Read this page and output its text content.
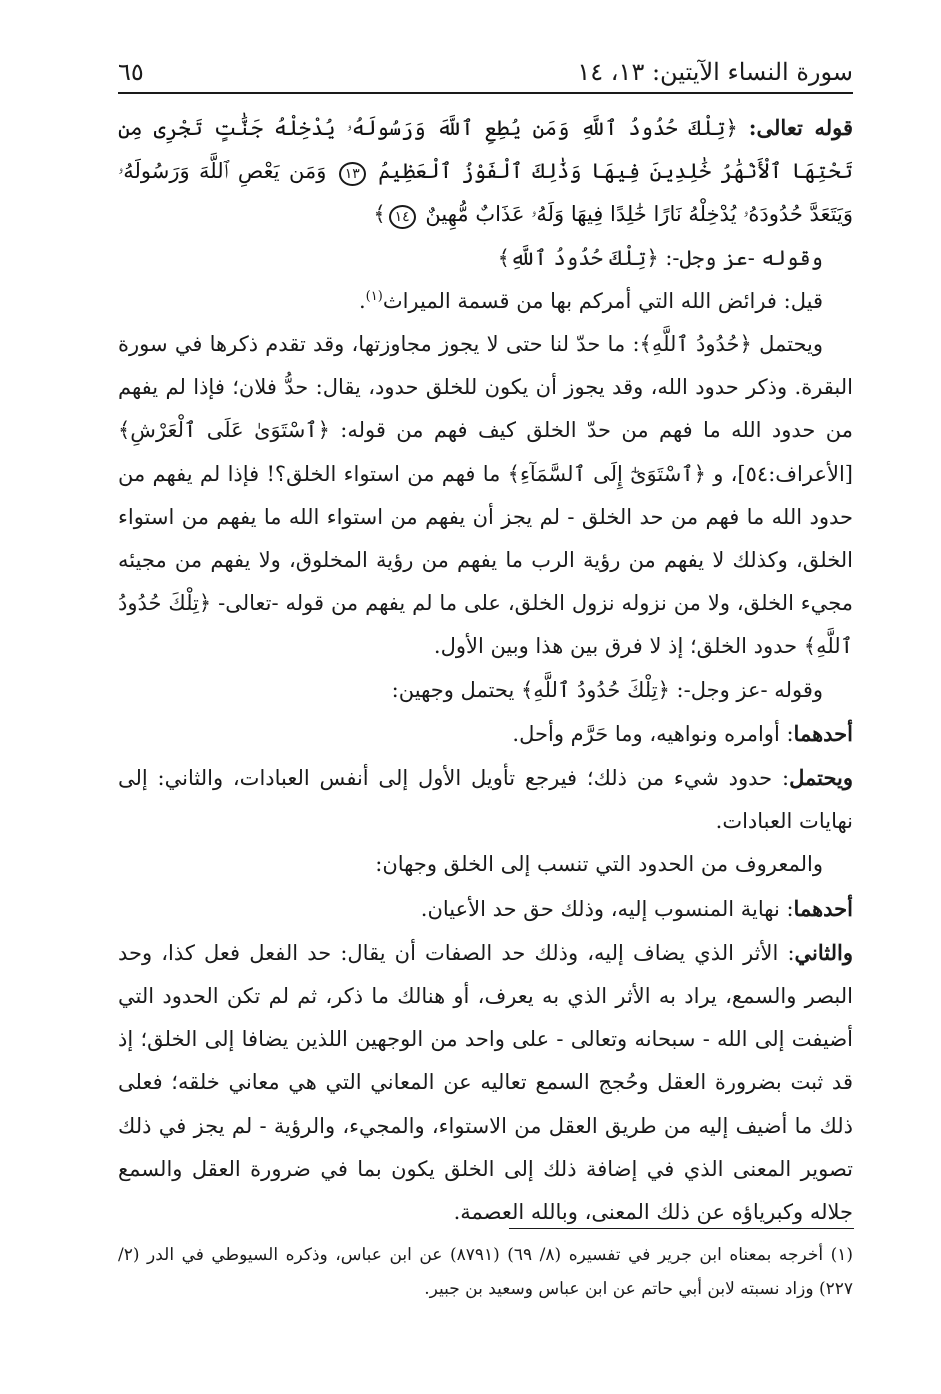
سورة النساء الآيتين: ١٣، ١٤
٦٥

قوله تعالى: ﴿تِلْكَ حُدُودُ ٱللَّهِ وَمَن يُطِعِ ٱللَّهَ وَرَسُولَهُۥ يُدْخِلْهُ جَنَّٰتٍ تَجْرِى مِن تَحْتِهَا ٱلْأَنْهَٰرُ خَٰلِدِينَ فِيهَا وَذَٰلِكَ ٱلْفَوْزُ ٱلْعَظِيمُ ١٣ وَمَن يَعْصِ ٱللَّهَ وَرَسُولَهُۥ وَيَتَعَدَّ حُدُودَهُۥ يُدْخِلْهُ نَارًا خَٰلِدًا فِيهَا وَلَهُۥ عَذَابٌ مُّهِينٌ ١٤﴾

وقوله -عز وجل-: ﴿تِلْكَ حُدُودُ ٱللَّهِ﴾

قيل: فرائض الله التي أمركم بها من قسمة الميراث$^{(١)}$.

ويحتمل ﴿حُدُودُ ٱللَّهِ﴾: ما حدّ لنا حتى لا يجوز مجاوزتها، وقد تقدم ذكرها في سورة البقرة. وذكر حدود الله، وقد يجوز أن يكون للخلق حدود، يقال: حدُّ فلان؛ فإذا لم يفهم من حدود الله ما فهم من حدّ الخلق كيف فهم من قوله: ﴿ٱسْتَوَىٰ عَلَى ٱلْعَرْشِ﴾ [الأعراف:٥٤]، و ﴿ٱسْتَوَىٰٓ إِلَى ٱلسَّمَآءِ﴾ ما فهم من استواء الخلق؟! فإذا لم يفهم من حدود الله ما فهم من حد الخلق - لم يجز أن يفهم من استواء الله ما يفهم من استواء الخلق، وكذلك لا يفهم من رؤية الرب ما يفهم من رؤية المخلوق، ولا يفهم من مجيئه مجيء الخلق، ولا من نزوله نزول الخلق، على ما لم يفهم من قوله -تعالى- ﴿تِلْكَ حُدُودُ ٱللَّهِ﴾ حدود الخلق؛ إذ لا فرق بين هذا وبين الأول.

وقوله -عز وجل-: ﴿تِلْكَ حُدُودُ ٱللَّهِ﴾ يحتمل وجهين:

أحدهما: أوامره ونواهيه، وما حَرَّم وأحل.

ويحتمل: حدود شيء من ذلك؛ فيرجع تأويل الأول إلى أنفس العبادات، والثاني: إلى نهايات العبادات.

والمعروف من الحدود التي تنسب إلى الخلق وجهان:

أحدهما: نهاية المنسوب إليه، وذلك حق حد الأعيان.

والثاني: الأثر الذي يضاف إليه، وذلك حد الصفات أن يقال: حد الفعل فعل كذا، وحد البصر والسمع، يراد به الأثر الذي به يعرف، أو هنالك ما ذكر، ثم لم تكن الحدود التي أضيفت إلى الله - سبحانه وتعالى - على واحد من الوجهين اللذين يضافا إلى الخلق؛ إذ قد ثبت بضرورة العقل وحُجج السمع تعاليه عن المعاني التي هي معاني خلقه؛ فعلى ذلك ما أضيف إليه من طريق العقل من الاستواء، والمجيء، والرؤية - لم يجز في ذلك تصوير المعنى الذي في إضافة ذلك إلى الخلق يكون بما في ضرورة العقل والسمع جلاله وكبرياؤه عن ذلك المعنى، وبالله العصمة.

(١) أخرجه بمعناه ابن جرير في تفسيره (٨/ ٦٩) (٨٧٩١) عن ابن عباس، وذكره السيوطي في الدر (٢/ ٢٢٧) وزاد نسبته لابن أبي حاتم عن ابن عباس وسعيد بن جبير.
